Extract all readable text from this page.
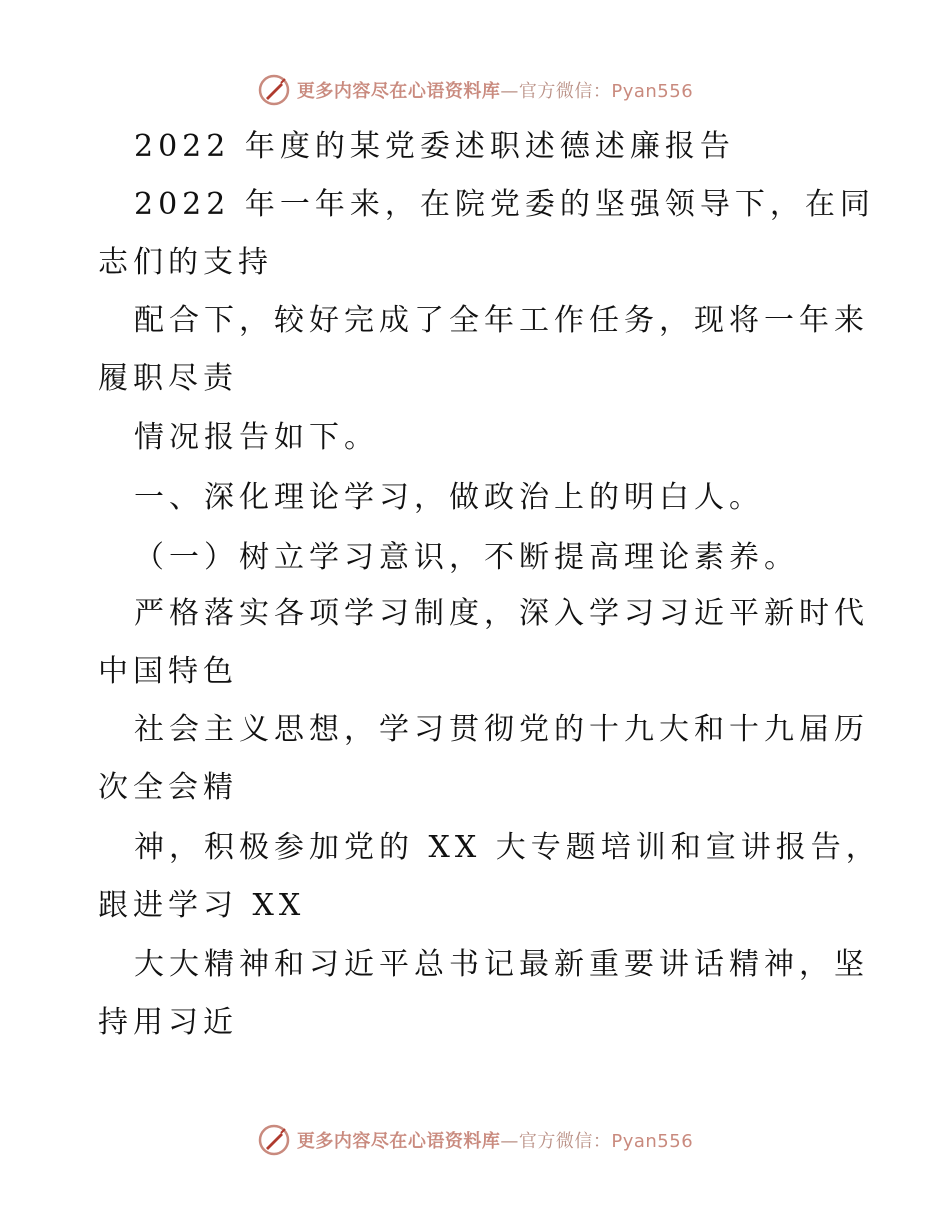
更多内容尽在心语资料库—官方微信：Pyan556
2022 年度的某党委述职述德述廉报告
2022 年一年来，在院党委的坚强领导下，在同
志们的支持
配合下，较好完成了全年工作任务，现将一年来
履职尽责
情况报告如下。
一、深化理论学习，做政治上的明白人。
（一）树立学习意识，不断提高理论素养。
严格落实各项学习制度，深入学习习近平新时代
中国特色
社会主义思想，学习贯彻党的十九大和十九届历
次全会精
神，积极参加党的 XX 大专题培训和宣讲报告，
跟进学习 XX
大大精神和习近平总书记最新重要讲话精神，坚
持用习近
更多内容尽在心语资料库—官方微信：Pyan556
